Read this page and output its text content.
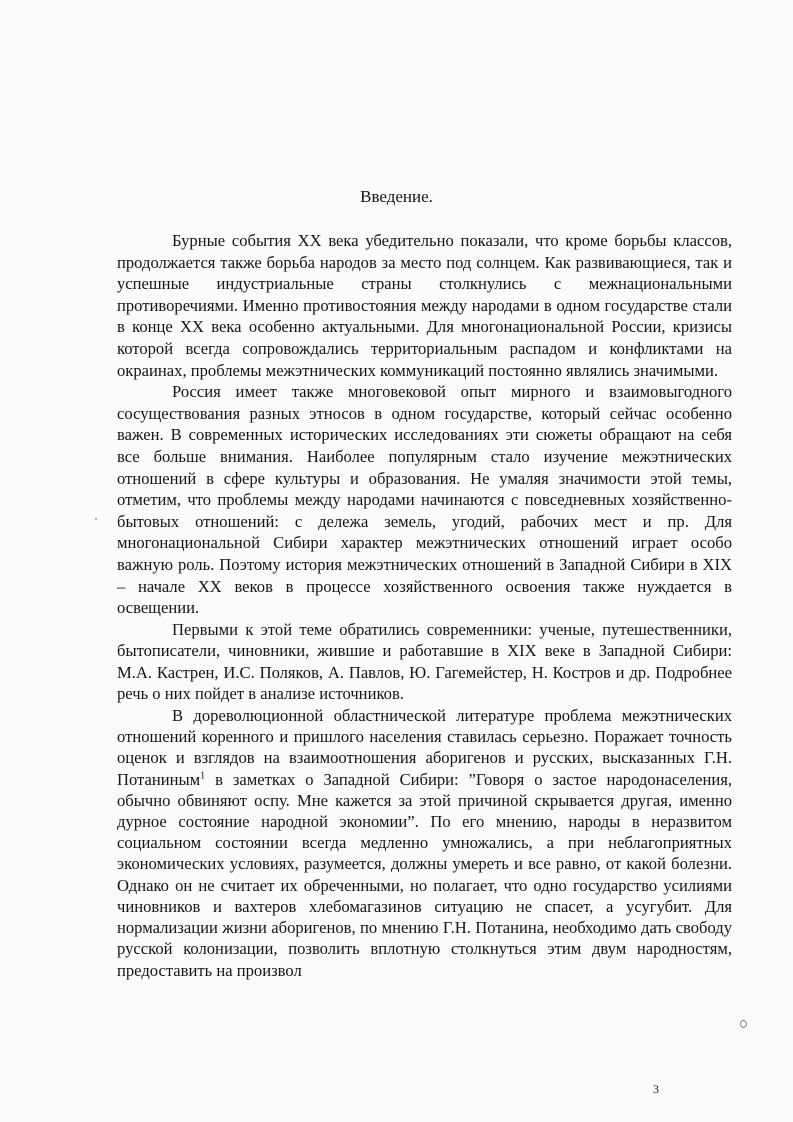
Введение.

Бурные события XX века убедительно показали, что кроме борьбы классов, продолжается также борьба народов за место под солнцем. Как развивающиеся, так и успешные индустриальные страны столкнулись с межнациональными противоречиями. Именно противостояния между народами в одном государстве стали в конце XX века особенно актуальными. Для многонациональной России, кризисы которой всегда сопровождались территориальным распадом и конфликтами на окраинах, проблемы межэтнических коммуникаций постоянно являлись значимыми.

Россия имеет также многовековой опыт мирного и взаимовыгодного сосуществования разных этносов в одном государстве, который сейчас особенно важен. В современных исторических исследованиях эти сюжеты обращают на себя все больше внимания. Наиболее популярным стало изучение межэтнических отношений в сфере культуры и образования. Не умаляя значимости этой темы, отметим, что проблемы между народами начинаются с повседневных хозяйственно-бытовых отношений: с дележа земель, угодий, рабочих мест и пр. Для многонациональной Сибири характер межэтнических отношений играет особо важную роль. Поэтому история межэтнических отношений в Западной Сибири в XIX – начале XX веков в процессе хозяйственного освоения также нуждается в освещении.

Первыми к этой теме обратились современники: ученые, путешественники, бытописатели, чиновники, жившие и работавшие в XIX веке в Западной Сибири: М.А. Кастрен, И.С. Поляков, А. Павлов, Ю. Гагемейстер, Н. Костров и др. Подробнее речь о них пойдет в анализе источников.

В дореволюционной областнической литературе проблема межэтнических отношений коренного и пришлого населения ставилась серьезно. Поражает точность оценок и взглядов на взаимоотношения аборигенов и русских, высказанных Г.Н. Потаниным$^1$ в заметках о Западной Сибири: ”Говоря о застое народонаселения, обычно обвиняют оспу. Мне кажется за этой причиной скрывается другая, именно дурное состояние народной экономии”. По его мнению, народы в неразвитом социальном состоянии всегда медленно умножались, а при неблагоприятных экономических условиях, разумеется, должны умереть и все равно, от какой болезни. Однако он не считает их обреченными, но полагает, что одно государство усилиями чиновников и вахтеров хлебомагазинов ситуацию не спасет, а усугубит. Для нормализации жизни аборигенов, по мнению Г.Н. Потанина, необходимо дать свободу русской колонизации, позволить вплотную столкнуться этим двум народностям, предоставить на произвол

3
